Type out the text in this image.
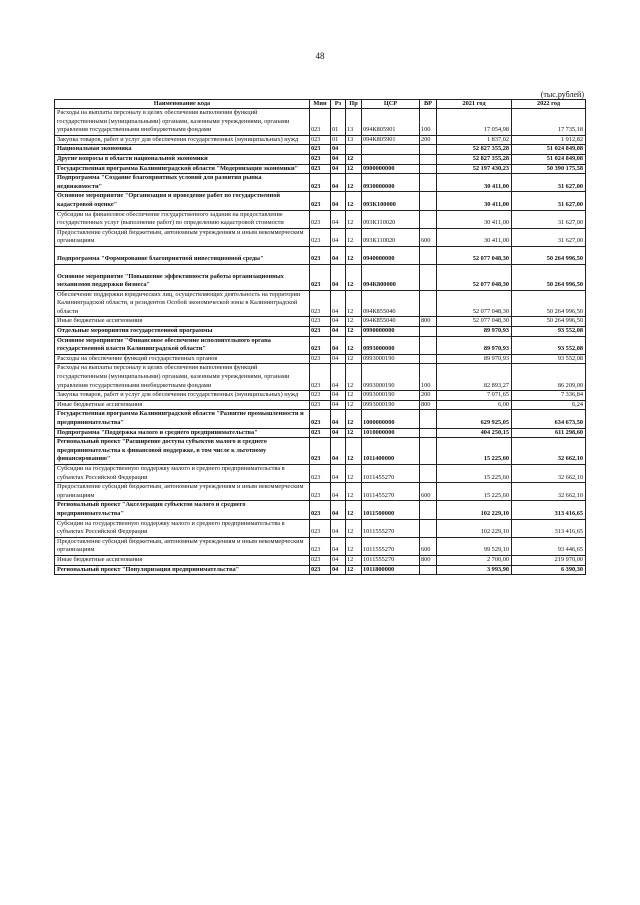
48
(тыс.рублей)
Наименование кода	Мин	Рз	Пр	ЦСР	ВР	2021 год	2022 год
Расходы на выплаты персоналу в целях обеспечения выполнения функций государственными (муниципальными) органами, казенными учреждениями, органами управления государственными внебюджетными фондами	023	01	13	094К805901	100	17 054,98	17 735,18
Закупка товаров, работ и услуг для обеспечения государственных (муниципальных) нужд	023	01	13	094К805901	200	1 837,02	1 912,82
Национальная экономика	023	04				52 827 355,28	51 024 849,08
Другие вопросы в области национальной экономики	023	04	12			52 827 355,28	51 024 849,08
Государственная программа Калининградской области "Модернизация экономики"	023	04	12	0900000000		52 197 430,23	50 390 175,58
Подпрограмма "Создание благоприятных условий для развития рынка недвижимости"	023	04	12	0930000000		30 411,00	31 627,00
Основное мероприятие "Организация и проведение работ по государственной кадастровой оценке"	023	04	12	093К100000		30 411,00	31 627,00
Субсидии на финансовое обеспечение государственного задания на предоставление государственных услуг (выполнение работ) по определению кадастровой стоимости	023	04	12	093К110020		30 411,00	31 627,00
Предоставление субсидий бюджетным, автономным учреждениям и иным некоммерческим организациям	023	04	12	093К110020	600	30 411,00	31 627,00
Подпрограмма "Формирование благоприятной инвестиционной среды"	023	04	12	0940000000		52 077 048,30	50 264 996,50
Основное мероприятие "Повышение эффективности работы организационных механизмов поддержки бизнеса"	023	04	12	094К800000		52 077 048,30	50 264 996,50
Обеспечение поддержки юридических лиц, осуществляющих деятельность на территории Калининградской области, и резидентов Особой экономической зоны в Калининградской области	023	04	12	094К855040		52 077 048,30	50 264 996,50
Иные бюджетные ассигнования	023	04	12	094К855040	800	52 077 048,30	50 264 996,50
Отдельные мероприятия государственной программы	023	04	12	0990000000		89 970,93	93 552,08
Основное мероприятие "Финансовое обеспечение исполнительного органа государственной власти Калининградской области"	023	04	12	0993000000		89 970,93	93 552,08
Расходы на обеспечение функций государственных органов	023	04	12	0993000190		89 970,93	93 552,08
Расходы на выплаты персоналу в целях обеспечения выполнения функций государственными (муниципальными) органами, казенными учреждениями, органами управления государственными внебюджетными фондами	023	04	12	0993000190	100	82 893,27	86 209,00
Закупка товаров, работ и услуг для обеспечения государственных (муниципальных) нужд	023	04	12	0993000190	200	7 071,65	7 336,84
Иные бюджетные ассигнования	023	04	12	0993000190	800	6,00	6,24
Государственная программа Калининградской области "Развитие промышленности и предпринимательства"	023	04	12	1000000000		629 925,05	634 673,50
Подпрограмма "Поддержка малого и среднего предпринимательства"	023	04	12	1010000000		404 250,15	611 298,60
Региональный проект "Расширение доступа субъектов малого и среднего предпринимательства к финансовой поддержке, в том числе к льготному финансированию"	023	04	12	1011400000		15 225,60	32 662,10
Субсидии на государственную поддержку малого и среднего предпринимательства в субъектах Российской Федерации	023	04	12	1011455270		15 225,60	32 662,10
Предоставление субсидий бюджетным, автономным учреждениям и иным некоммерческим организациям	023	04	12	1011455270	600	15 225,60	32 662,10
Региональный проект "Акселерация субъектов малого и среднего предпринимательства"	023	04	12	1011500000		102 229,10	313 416,65
Субсидии на государственную поддержку малого и среднего предпринимательства в субъектах Российской Федерации	023	04	12	1011555270		102 229,10	313 416,65
Предоставление субсидий бюджетным, автономным учреждениям и иным некоммерческим организациям	023	04	12	1011555270	600	99 529,10	93 446,65
Иные бюджетные ассигнования	023	04	12	1011555270	800	2 700,00	219 970,00
Региональный проект "Популяризация предпринимательства"	023	04	12	1011800000		3 993,90	6 390,30
